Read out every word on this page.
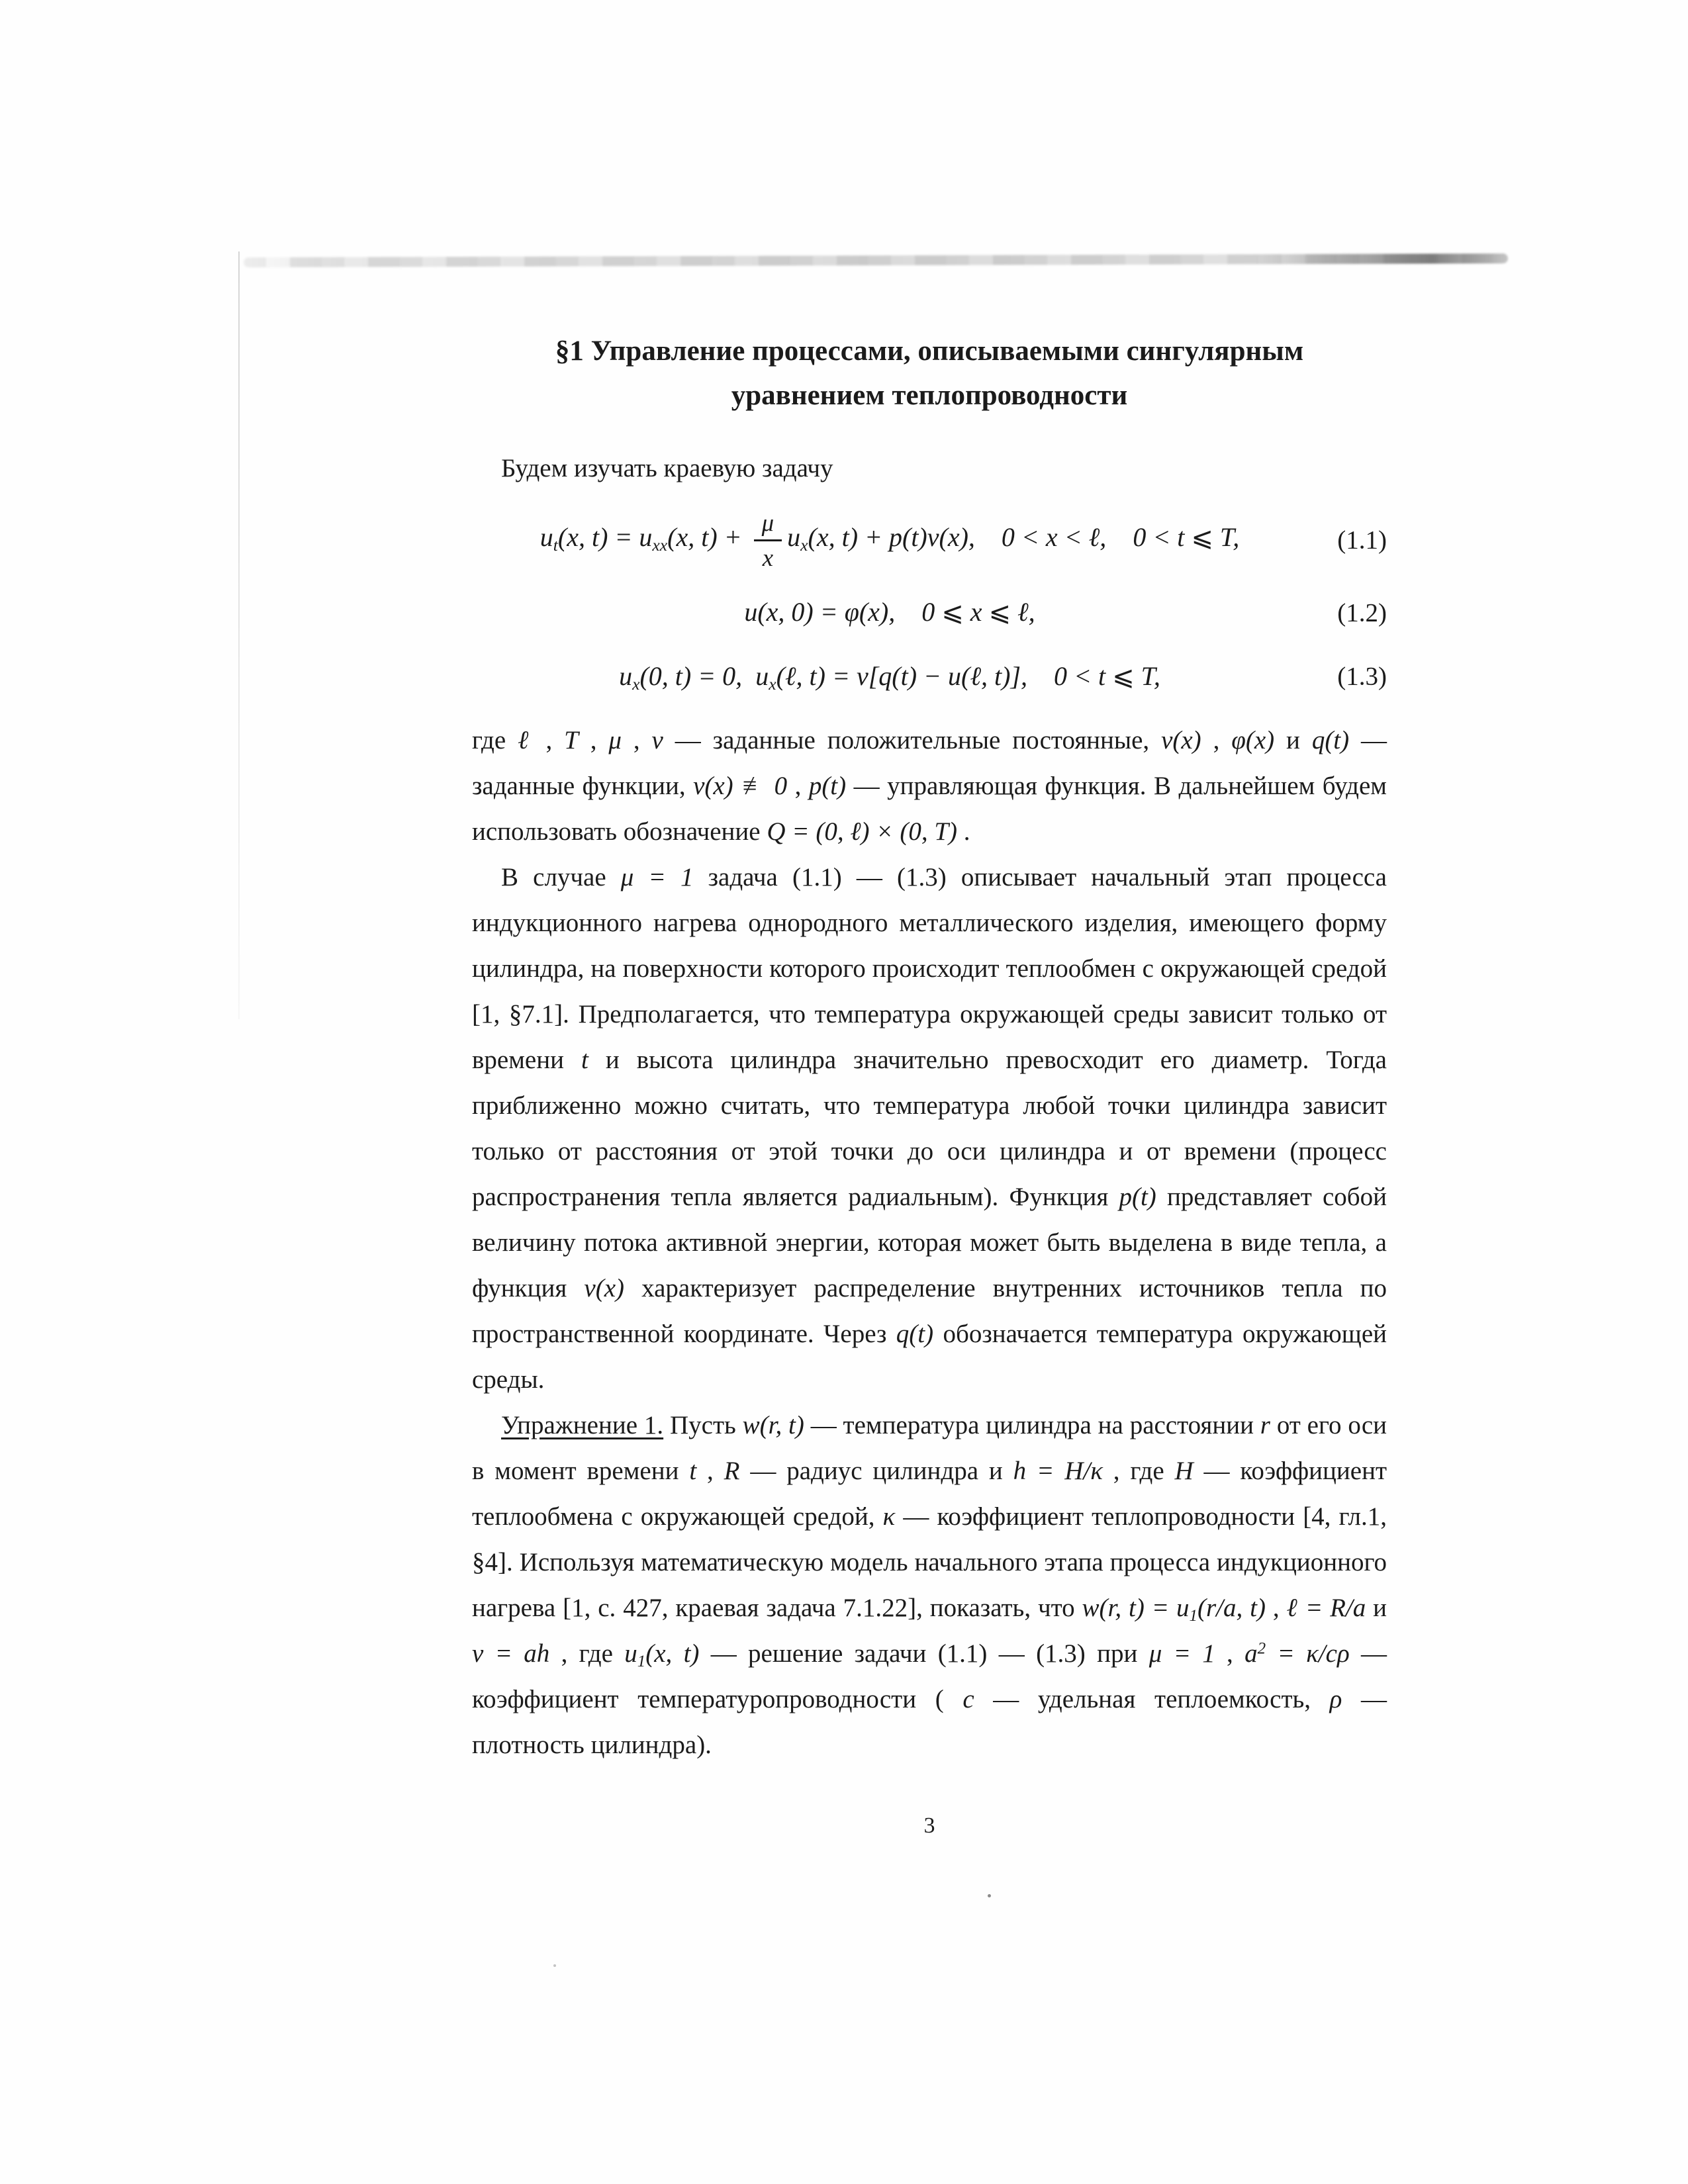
§1 Управление процессами, описываемыми сингулярным
уравнением теплопроводности

Будем изучать краевую задачу

$u_t(x$, $t) = u_{xx}(x$, $t) + \frac{\mu}{x} u_x(x$, t) + p(t)v(x),  0 < x < ℓ,  0 < t ⩽ T,	(1.1)
u(x, 0) = φ(x),  0 ⩽ x ⩽ ℓ,	(1.2)
$u_x(0$, t) = 0,  $u_x(\ell$, t) = ν[q(t) − u(ℓ, t)],  0 < t ⩽ T,	(1.3)

где ℓ , T , μ , ν — заданные положительные постоянные, v(x) , φ(x) и q(t) — заданные функции, v(x) ≢ 0 , p(t) — управляющая функция. В дальнейшем будем использовать обозначение Q = (0, ℓ) × (0, T) .

В случае μ = 1 задача (1.1) — (1.3) описывает начальный этап процесса индукционного нагрева однородного металлического изделия, имеющего форму цилиндра, на поверхности которого происходит теплообмен с окружающей средой [1, §7.1]. Предполагается, что температура окружающей среды зависит только от времени t и высота цилиндра значительно превосходит его диаметр. Тогда приближенно можно считать, что температура любой точки цилиндра зависит только от расстояния от этой точки до оси цилиндра и от времени (процесс распространения тепла является радиальным). Функция p(t) представляет собой величину потока активной энергии, которая может быть выделена в виде тепла, а функция v(x) характеризует распределение внутренних источников тепла по пространственной координате. Через q(t) обозначается температура окружающей среды.

Упражнение 1. Пусть w(r, t) — температура цилиндра на расстоянии r от его оси в момент времени t , R — радиус цилиндра и h = H/κ , где H — коэффициент теплообмена с окружающей средой, κ — коэффициент теплопроводности [4, гл.1, §4]. Используя математическую модель начального этапа процесса индукционного нагрева [1, с. 427, краевая задача 7.1.22], показать, что w(r, $t) = u_1(r/a$, t) , ℓ = R/a и ν = ah , где $u_1(x$, t) — решение задачи (1.1) — (1.3) при μ = 1 , $a^2 = \kappa/c\rho$ — коэффициент температуропроводности ( c — удельная теплоемкость, ρ — плотность цилиндра).

3
